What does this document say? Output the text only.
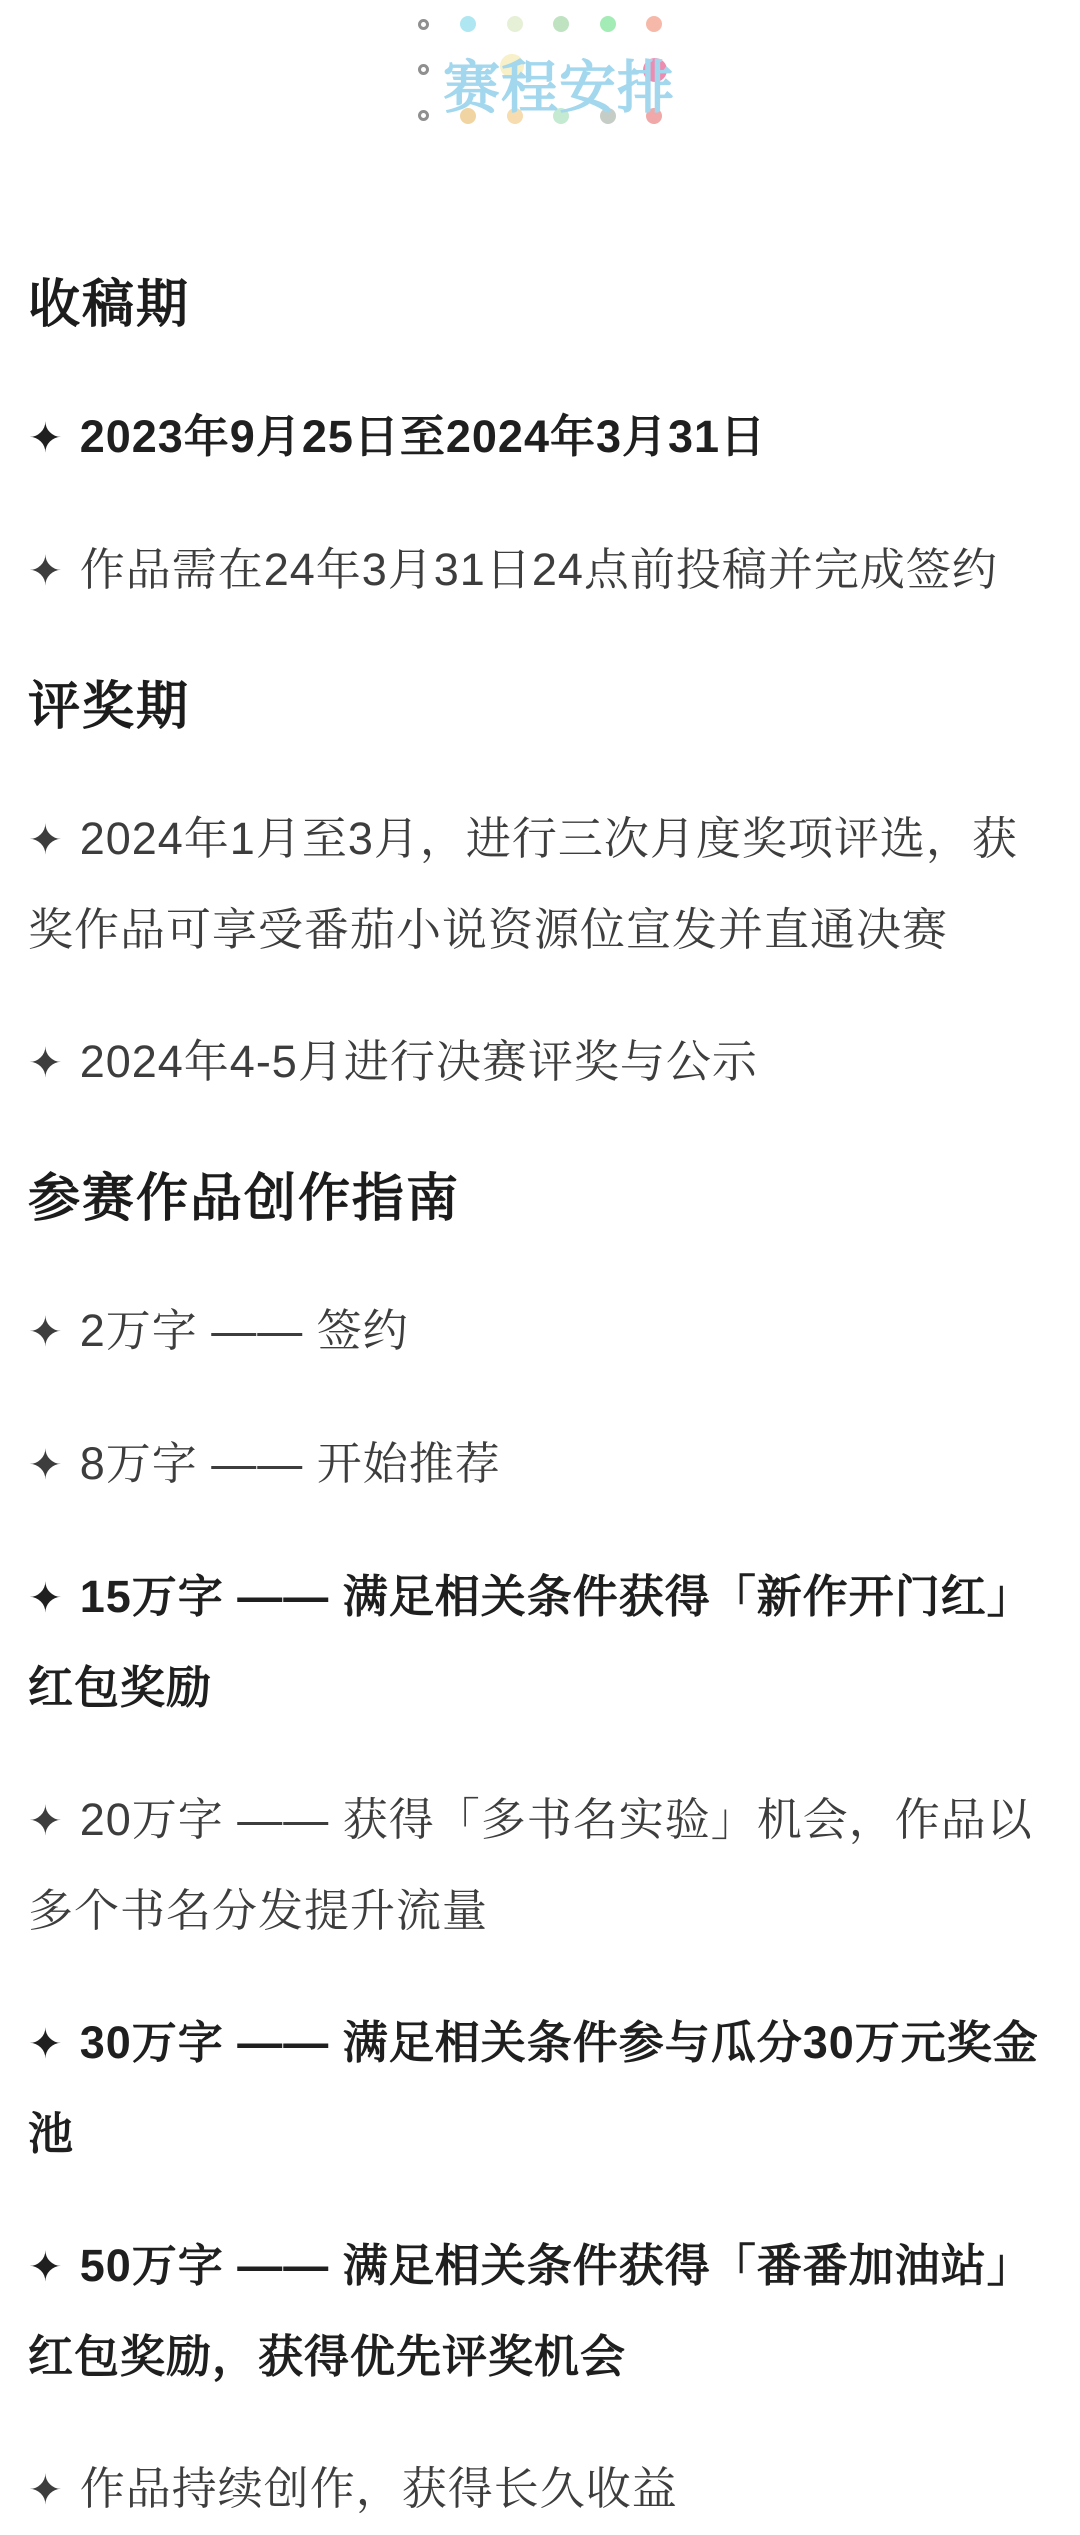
赛程安排
收稿期

✦ 2023年9月25日至2024年3月31日

✦ 作品需在24年3月31日24点前投稿并完成签约

评奖期

✦ 2024年1月至3月，进行三次月度奖项评选，获奖作品可享受番茄小说资源位宣发并直通决赛

✦ 2024年4-5月进行决赛评奖与公示

参赛作品创作指南

✦ 2万字 —— 签约

✦ 8万字 —— 开始推荐

✦ 15万字 —— 满足相关条件获得「新作开门红」红包奖励

✦ 20万字 —— 获得「多书名实验」机会，作品以多个书名分发提升流量

✦ 30万字 —— 满足相关条件参与瓜分30万元奖金池

✦ 50万字 —— 满足相关条件获得「番番加油站」红包奖励，获得优先评奖机会

✦ 作品持续创作，获得长久收益
